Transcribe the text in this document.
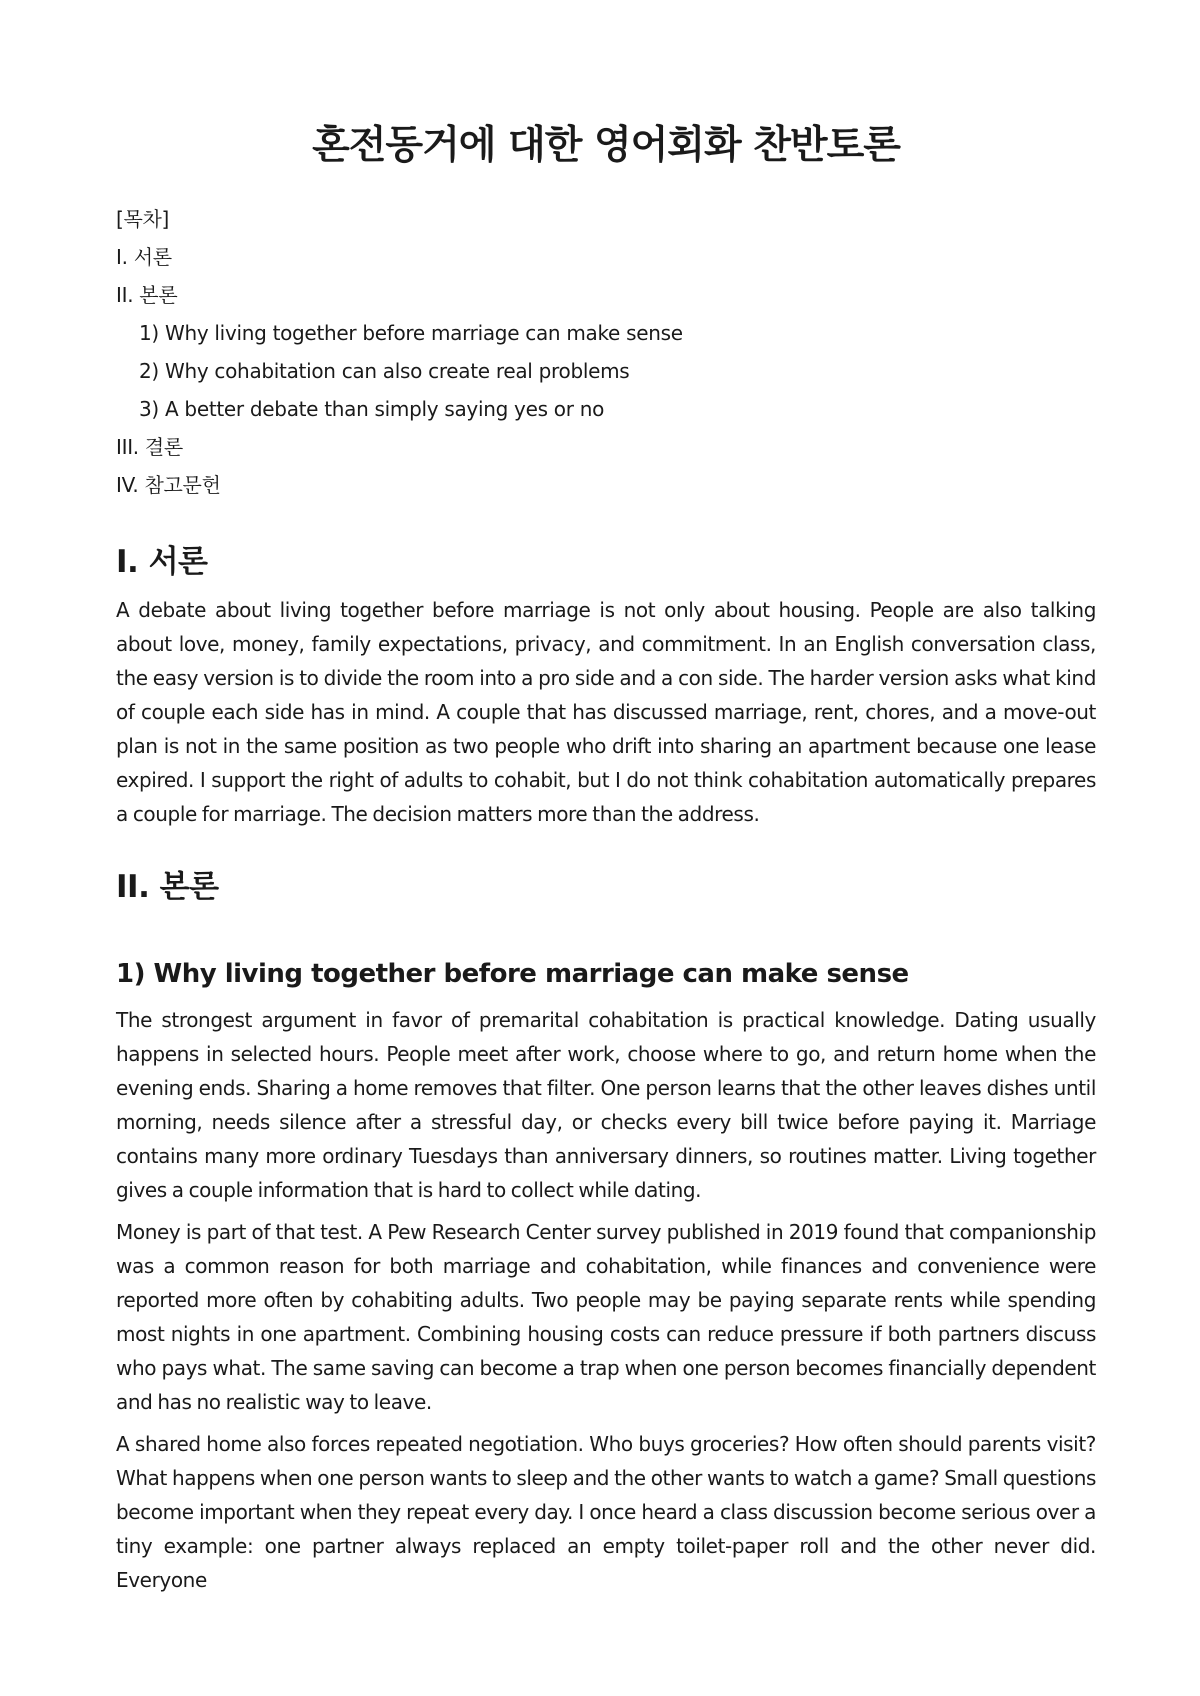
혼전동거에 대한 영어회화 찬반토론
[목차]
I. 서론
II. 본론
1) Why living together before marriage can make sense
2) Why cohabitation can also create real problems
3) A better debate than simply saying yes or no
III. 결론
IV. 참고문헌
I. 서론

A debate about living together before marriage is not only about housing. People are also talking about love, money, family expectations, privacy, and commitment. In an English conversation class, the easy version is to divide the room into a pro side and a con side. The harder version asks what kind of couple each side has in mind. A couple that has discussed marriage, rent, chores, and a move-out plan is not in the same position as two people who drift into sharing an apartment because one lease expired. I support the right of adults to cohabit, but I do not think cohabitation automatically prepares a couple for marriage. The decision matters more than the address.

II. 본론
1) Why living together before marriage can make sense

The strongest argument in favor of premarital cohabitation is practical knowledge. Dating usually happens in selected hours. People meet after work, choose where to go, and return home when the evening ends. Sharing a home removes that filter. One person learns that the other leaves dishes until morning, needs silence after a stressful day, or checks every bill twice before paying it. Marriage contains many more ordinary Tuesdays than anniversary dinners, so routines matter. Living together gives a couple information that is hard to collect while dating.

Money is part of that test. A Pew Research Center survey published in 2019 found that companionship was a common reason for both marriage and cohabitation, while finances and convenience were reported more often by cohabiting adults. Two people may be paying separate rents while spending most nights in one apartment. Combining housing costs can reduce pressure if both partners discuss who pays what. The same saving can become a trap when one person becomes financially dependent and has no realistic way to leave.

A shared home also forces repeated negotiation. Who buys groceries? How often should parents visit? What happens when one person wants to sleep and the other wants to watch a game? Small questions become important when they repeat every day. I once heard a class discussion become serious over a tiny example: one partner always replaced an empty toilet-paper roll and the other never did. Everyone
